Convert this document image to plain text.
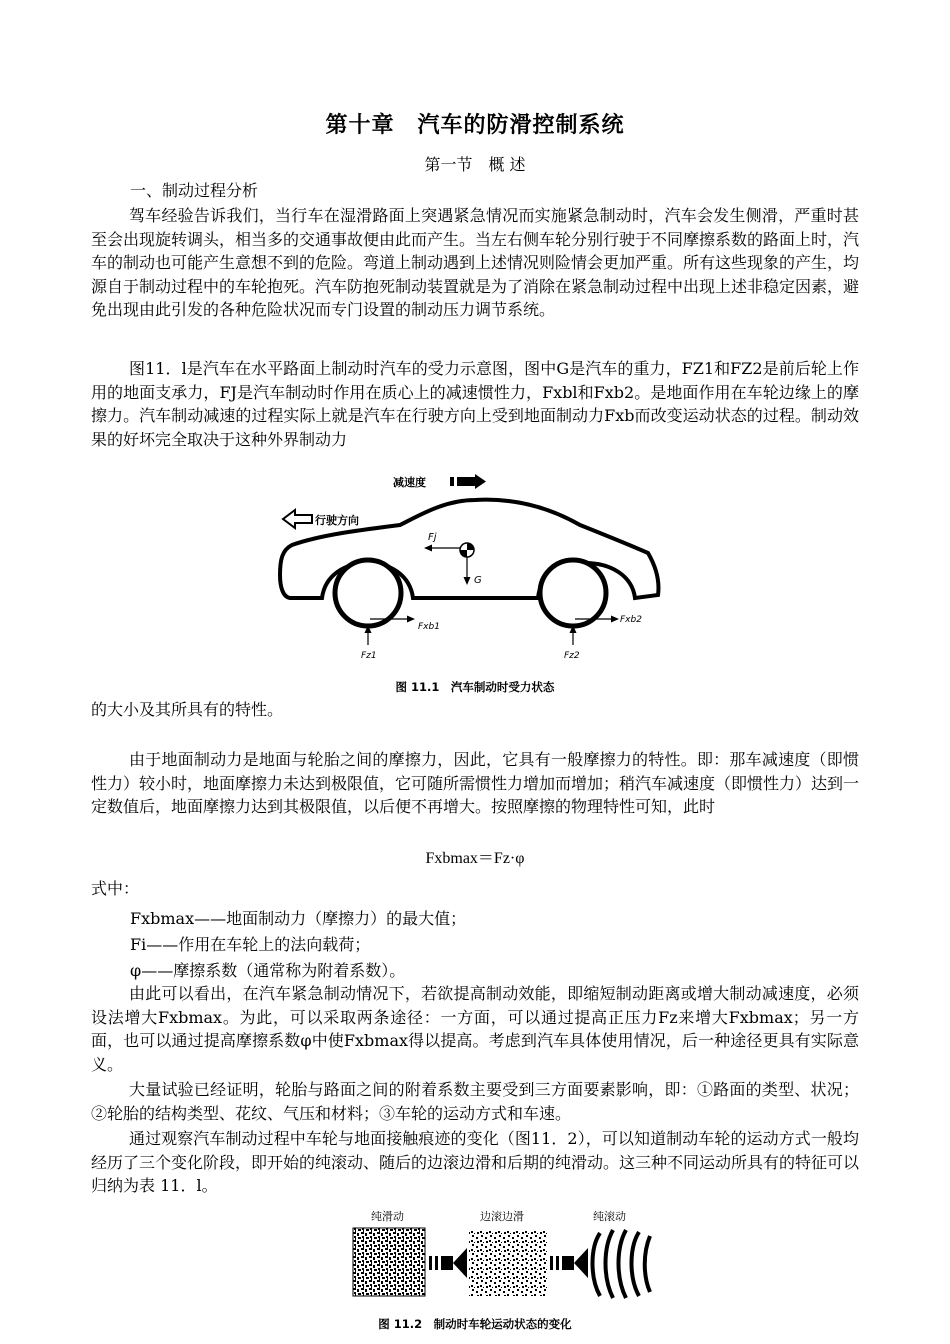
第十章　汽车的防滑控制系统
第一节　概 述
一、制动过程分析
驾车经验告诉我们，当行车在湿滑路面上突遇紧急情况而实施紧急制动时，汽车会发生侧滑，严重时甚至会出现旋转调头，相当多的交通事故便由此而产生。当左右侧车轮分别行驶于不同摩擦系数的路面上时，汽车的制动也可能产生意想不到的危险。弯道上制动遇到上述情况则险情会更加严重。所有这些现象的产生，均源自于制动过程中的车轮抱死。汽车防抱死制动装置就是为了消除在紧急制动过程中出现上述非稳定因素，避免出现由此引发的各种危险状况而专门设置的制动压力调节系统。
图11．l是汽车在水平路面上制动时汽车的受力示意图，图中G是汽车的重力，FZ1和FZ2是前后轮上作用的地面支承力，FJ是汽车制动时作用在质心上的减速惯性力，Fxbl和Fxb2。是地面作用在车轮边缘上的摩擦力。汽车制动减速的过程实际上就是汽车在行驶方向上受到地面制动力Fxb而改变运动状态的过程。制动效果的好坏完全取决于这种外界制动力
减速度
行驶方向
Fj
G
Fxb1
Fxb2
Fz1	Fz2
图 11.1　汽车制动时受力状态
的大小及其所具有的特性。
由于地面制动力是地面与轮胎之间的摩擦力，因此，它具有一般摩擦力的特性。即：那车减速度（即惯性力）较小时，地面摩擦力未达到极限值，它可随所需惯性力增加而增加；稍汽车减速度（即惯性力）达到一定数值后，地面摩擦力达到其极限值，以后便不再增大。按照摩擦的物理特性可知，此时
Fxbmax＝Fz·φ
式中：
Fxbmax——地面制动力（摩擦力）的最大值；
Fi——作用在车轮上的法向载荷；
φ——摩擦系数（通常称为附着系数）。
由此可以看出，在汽车紧急制动情况下，若欲提高制动效能，即缩短制动距离或增大制动减速度，必须设法增大Fxbmax。为此，可以采取两条途径：一方面，可以通过提高正压力Fz来增大Fxbmax；另一方面，也可以通过提高摩擦系数φ中使Fxbmax得以提高。考虑到汽车具体使用情况，后一种途径更具有实际意义。
大量试验已经证明，轮胎与路面之间的附着系数主要受到三方面要素影响，即：①路面的类型、状况；②轮胎的结构类型、花纹、气压和材料；③车轮的运动方式和车速。
通过观察汽车制动过程中车轮与地面接触痕迹的变化（图11．2），可以知道制动车轮的运动方式一般均经历了三个变化阶段，即开始的纯滚动、随后的边滚边滑和后期的纯滑动。这三种不同运动所具有的特征可以归纳为表 11．l。
纯滑动	边滚边滑	纯滚动
图 11.2　制动时车轮运动状态的变化
